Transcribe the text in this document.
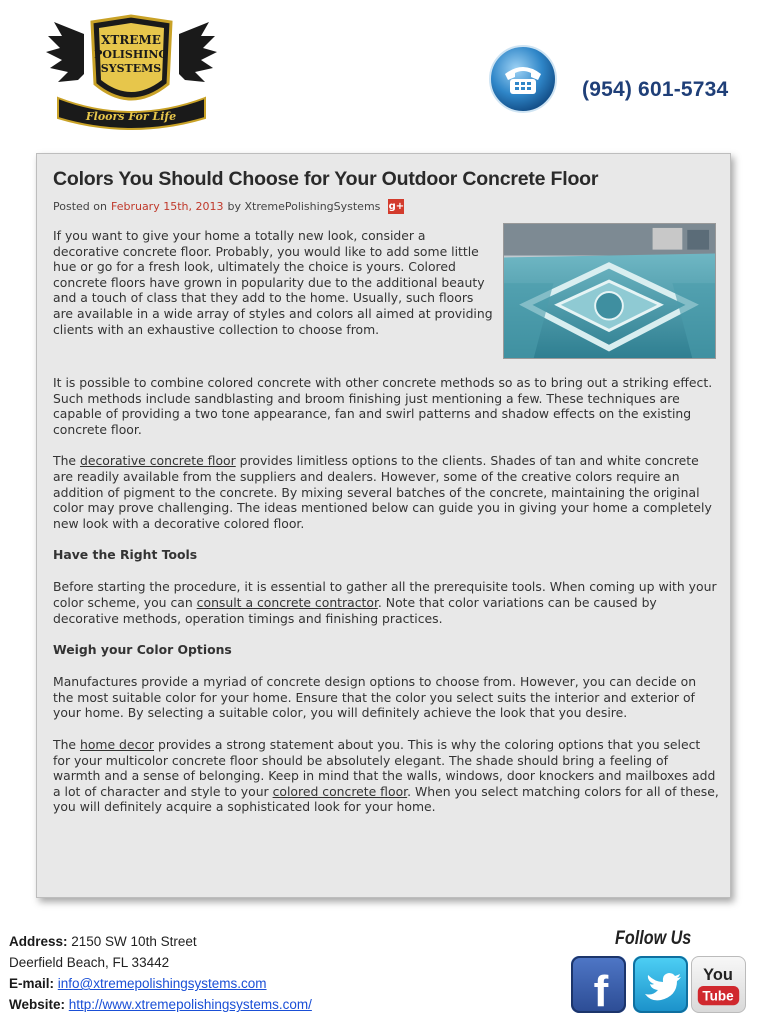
XTREME
POLISHING
SYSTEMS
Floors For Life
(954) 601-5734
Colors You Should Choose for Your Outdoor Concrete Floor
Posted on February 15th, 2013 by XtremePolishingSystems g+

If you want to give your home a totally new look, consider a decorative concrete floor. Probably, you would like to add some little hue or go for a fresh look, ultimately the choice is yours. Colored concrete floors have grown in popularity due to the additional beauty and a touch of class that they add to the home. Usually, such floors are available in a wide array of styles and colors all aimed at providing clients with an exhaustive collection to choose from.

It is possible to combine colored concrete with other concrete methods so as to bring out a striking effect. Such methods include sandblasting and broom finishing just mentioning a few. These techniques are capable of providing a two tone appearance, fan and swirl patterns and shadow effects on the existing concrete floor.

The decorative concrete floor provides limitless options to the clients. Shades of tan and white concrete are readily available from the suppliers and dealers. However, some of the creative colors require an addition of pigment to the concrete. By mixing several batches of the concrete, maintaining the original color may prove challenging. The ideas mentioned below can guide you in giving your home a completely new look with a decorative colored floor.

Have the Right Tools

Before starting the procedure, it is essential to gather all the prerequisite tools. When coming up with your color scheme, you can consult a concrete contractor. Note that color variations can be caused by decorative methods, operation timings and finishing practices.

Weigh your Color Options

Manufactures provide a myriad of concrete design options to choose from. However, you can decide on the most suitable color for your home. Ensure that the color you select suits the interior and exterior of your home. By selecting a suitable color, you will definitely achieve the look that you desire.

The home decor provides a strong statement about you. This is why the coloring options that you select for your multicolor concrete floor should be absolutely elegant. The shade should bring a feeling of warmth and a sense of belonging. Keep in mind that the walls, windows, door knockers and mailboxes add a lot of character and style to your colored concrete floor. When you select matching colors for all of these, you will definitely acquire a sophisticated look for your home.

Address: 2150 SW 10th Street
Deerfield Beach, FL 33442
E-mail: info@xtremepolishingsystems.com
Website: http://www.xtremepolishingsystems.com/
Follow Us
f	You
Tube
